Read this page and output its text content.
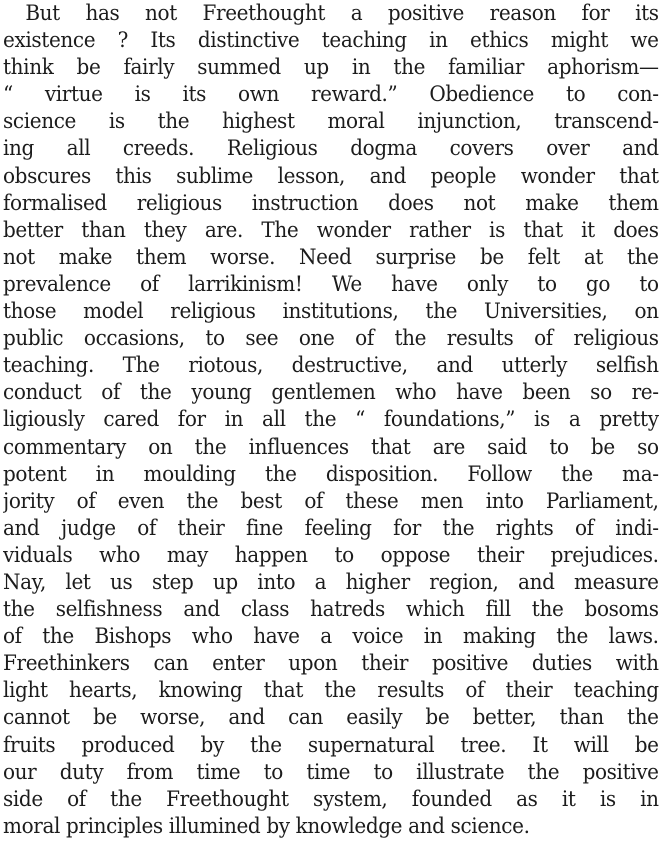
But has not Freethought a positive reason for its
existence ? Its distinctive teaching in ethics might we
think be fairly summed up in the familiar aphorism—
“ virtue is its own reward.” Obedience to con-
science is the highest moral injunction, transcend-
ing all creeds. Religious dogma covers over and
obscures this sublime lesson, and people wonder that
formalised religious instruction does not make them
better than they are. The wonder rather is that it does
not make them worse. Need surprise be felt at the
prevalence of larrikinism! We have only to go to
those model religious institutions, the Universities, on
public occasions, to see one of the results of religious
teaching. The riotous, destructive, and utterly selfish
conduct of the young gentlemen who have been so re-
ligiously cared for in all the “ foundations,” is a pretty
commentary on the influences that are said to be so
potent in moulding the disposition. Follow the ma-
jority of even the best of these men into Parliament,
and judge of their fine feeling for the rights of indi-
viduals who may happen to oppose their prejudices.
Nay, let us step up into a higher region, and measure
the selfishness and class hatreds which fill the bosoms
of the Bishops who have a voice in making the laws.
Freethinkers can enter upon their positive duties with
light hearts, knowing that the results of their teaching
cannot be worse, and can easily be better, than the
fruits produced by the supernatural tree. It will be
our duty from time to time to illustrate the positive
side of the Freethought system, founded as it is in
moral principles illumined by knowledge and science.
